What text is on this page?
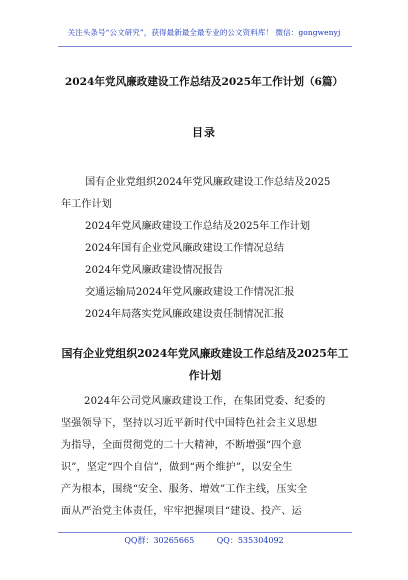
关注头条号“公文研究”，获得最新最全最专业的公文资料库！ 微信：gongwenyj
2024年党风廉政建设工作总结及2025年工作计划（6篇）
目录
国有企业党组织2024年党风廉政建设工作总结及2025
年工作计划
2024年党风廉政建设工作总结及2025年工作计划
2024年国有企业党风廉政建设工作情况总结
2024年党风廉政建设情况报告
交通运输局2024年党风廉政建设工作情况汇报
2024年局落实党风廉政建设责任制情况汇报
国有企业党组织2024年党风廉政建设工作总结及2025年工
作计划
2024年公司党风廉政建设工作，在集团党委、纪委的
坚强领导下，坚持以习近平新时代中国特色社会主义思想
为指导，全面贯彻党的二十大精神，不断增强“四个意
识”，坚定“四个自信”，做到“两个维护”，以安全生
产为根本，围绕“安全、服务、增效”工作主线，压实全
面从严治党主体责任，牢牢把握项目“建设、投产、运
QQ群：30265665	QQ：535304092
